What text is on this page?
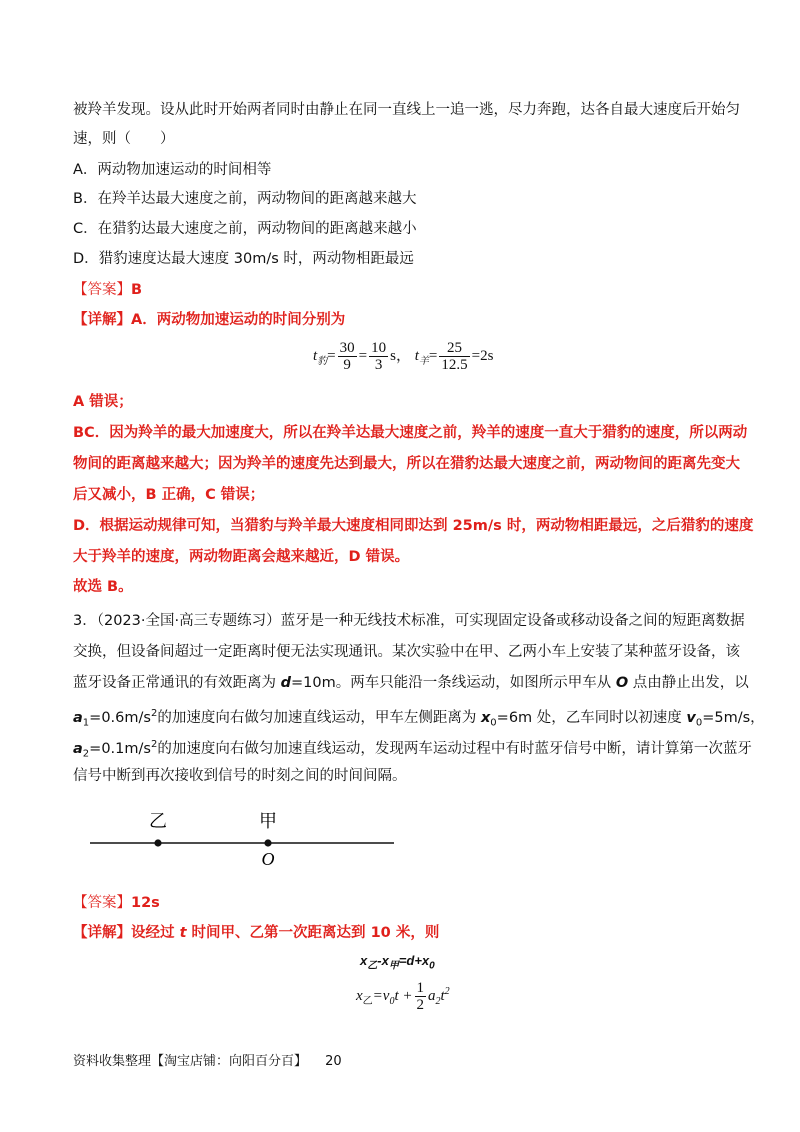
被羚羊发现。设从此时开始两者同时由静止在同一直线上一追一逃，尽力奔跑，达各自最大速度后开始匀
速，则（　　）
A．两动物加速运动的时间相等
B．在羚羊达最大速度之前，两动物间的距离越来越大
C．在猎豹达最大速度之前，两动物间的距离越来越小
D．猎豹速度达最大速度 30m/s 时，两动物相距最远
【答案】B
【详解】A．两动物加速运动的时间分别为
$t_豹= \frac{30}{9} = \frac{10}{3}$ s， $t_羊= \frac{25}{12.5} =2s$
A 错误；
BC．因为羚羊的最大加速度大，所以在羚羊达最大速度之前，羚羊的速度一直大于猎豹的速度，所以两动
物间的距离越来越大；因为羚羊的速度先达到最大，所以在猎豹达最大速度之前，两动物间的距离先变大
后又减小，B 正确，C 错误；
D．根据运动规律可知，当猎豹与羚羊最大速度相同即达到 25m/s 时，两动物相距最远，之后猎豹的速度
大于羚羊的速度，两动物距离会越来越近，D 错误。
故选 B。
3．（2023·全国·高三专题练习）蓝牙是一种无线技术标准，可实现固定设备或移动设备之间的短距离数据
交换，但设备间超过一定距离时便无法实现通讯。某次实验中在甲、乙两小车上安装了某种蓝牙设备，该
蓝牙设备正常通讯的有效距离为 d=10m。两车只能沿一条线运动，如图所示甲车从 O 点由静止出发，以
$a_1=0.6m/s^2$的加速度向右做匀加速直线运动，甲车左侧距离为 $x_0=6m$ 处，乙车同时以初速度 $v_0=5m/s$，
$a_2=0.1m/s^2$的加速度向右做匀加速直线运动，发现两车运动过程中有时蓝牙信号中断，请计算第一次蓝牙
信号中断到再次接收到信号的时刻之间的时间间隔。
乙	甲
O
【答案】12s
【详解】设经过 t 时间甲、乙第一次距离达到 10 米，则
$x_乙-x_甲=d+x_0$
$x_乙=v_0t + \frac{1}{2} a_2t^2$
资料收集整理【淘宝店铺：向阳百分百】 20
